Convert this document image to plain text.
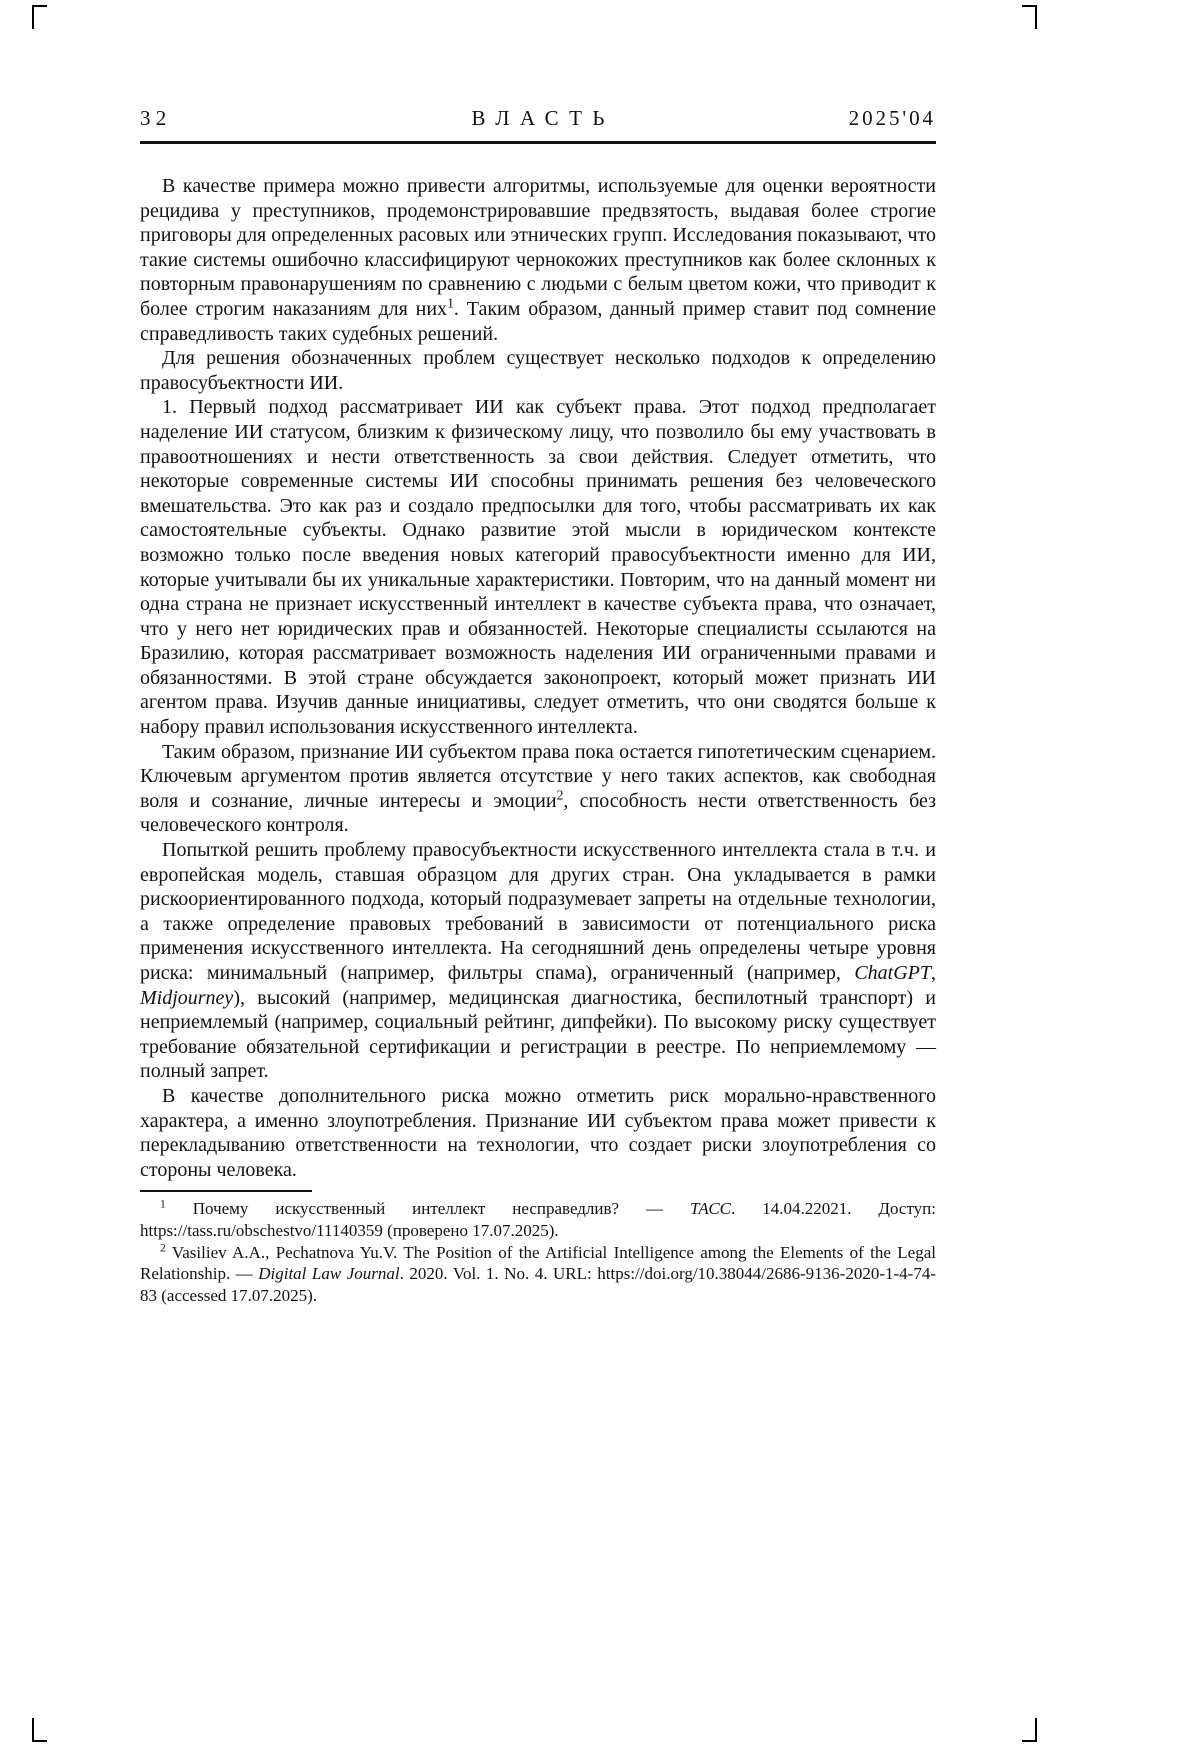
32	ВЛАСТЬ	2025'04

В качестве примера можно привести алгоритмы, используемые для оценки вероятности рецидива у преступников, продемонстрировавшие предвзятость, выдавая более строгие приговоры для определенных расовых или этнических групп. Исследования показывают, что такие системы ошибочно классифицируют чернокожих преступников как более склонных к повторным правонарушениям по сравнению с людьми с белым цветом кожи, что приводит к более строгим наказаниям для них$^1$. Таким образом, данный пример ставит под сомнение справедливость таких судебных решений.

Для решения обозначенных проблем существует несколько подходов к определению правосубъектности ИИ.

1. Первый подход рассматривает ИИ как субъект права. Этот подход предполагает наделение ИИ статусом, близким к физическому лицу, что позволило бы ему участвовать в правоотношениях и нести ответственность за свои действия. Следует отметить, что некоторые современные системы ИИ способны принимать решения без человеческого вмешательства. Это как раз и создало предпосылки для того, чтобы рассматривать их как самостоятельные субъекты. Однако развитие этой мысли в юридическом контексте возможно только после введения новых категорий правосубъектности именно для ИИ, которые учитывали бы их уникальные характеристики. Повторим, что на данный момент ни одна страна не признает искусственный интеллект в качестве субъекта права, что означает, что у него нет юридических прав и обязанностей. Некоторые специалисты ссылаются на Бразилию, которая рассматривает возможность наделения ИИ ограниченными правами и обязанностями. В этой стране обсуждается законопроект, который может признать ИИ агентом права. Изучив данные инициативы, следует отметить, что они сводятся больше к набору правил использования искусственного интеллекта.

Таким образом, признание ИИ субъектом права пока остается гипотетическим сценарием. Ключевым аргументом против является отсутствие у него таких аспектов, как свободная воля и сознание, личные интересы и эмоции$^2$, способность нести ответственность без человеческого контроля.

Попыткой решить проблему правосубъектности искусственного интеллекта стала в т.ч. и европейская модель, ставшая образцом для других стран. Она укладывается в рамки рискоориентированного подхода, который подразумевает запреты на отдельные технологии, а также определение правовых требований в зависимости от потенциального риска применения искусственного интеллекта. На сегодняшний день определены четыре уровня риска: минимальный (например, фильтры спама), ограниченный (например, ChatGPT, Midjourney), высокий (например, медицинская диагностика, беспилотный транспорт) и неприемлемый (например, социальный рейтинг, дипфейки). По высокому риску существует требование обязательной сертификации и регистрации в реестре. По неприемлемому — полный запрет.

В качестве дополнительного риска можно отметить риск морально-нравственного характера, а именно злоупотребления. Признание ИИ субъектом права может привести к перекладыванию ответственности на технологии, что создает риски злоупотребления со стороны человека.

$^1$ Почему искусственный интеллект несправедлив? — ТАСС. 14.04.22021. Доступ: https://tass.ru/obschestvo/11140359 (проверено 17.07.2025).

$^2$ Vasiliev A.A., Pechatnova Yu.V. The Position of the Artificial Intelligence among the Elements of the Legal Relationship. — Digital Law Journal. 2020. Vol. 1. No. 4. URL: https://doi.org/10.38044/2686-9136-2020-1-4-74-83 (accessed 17.07.2025).
